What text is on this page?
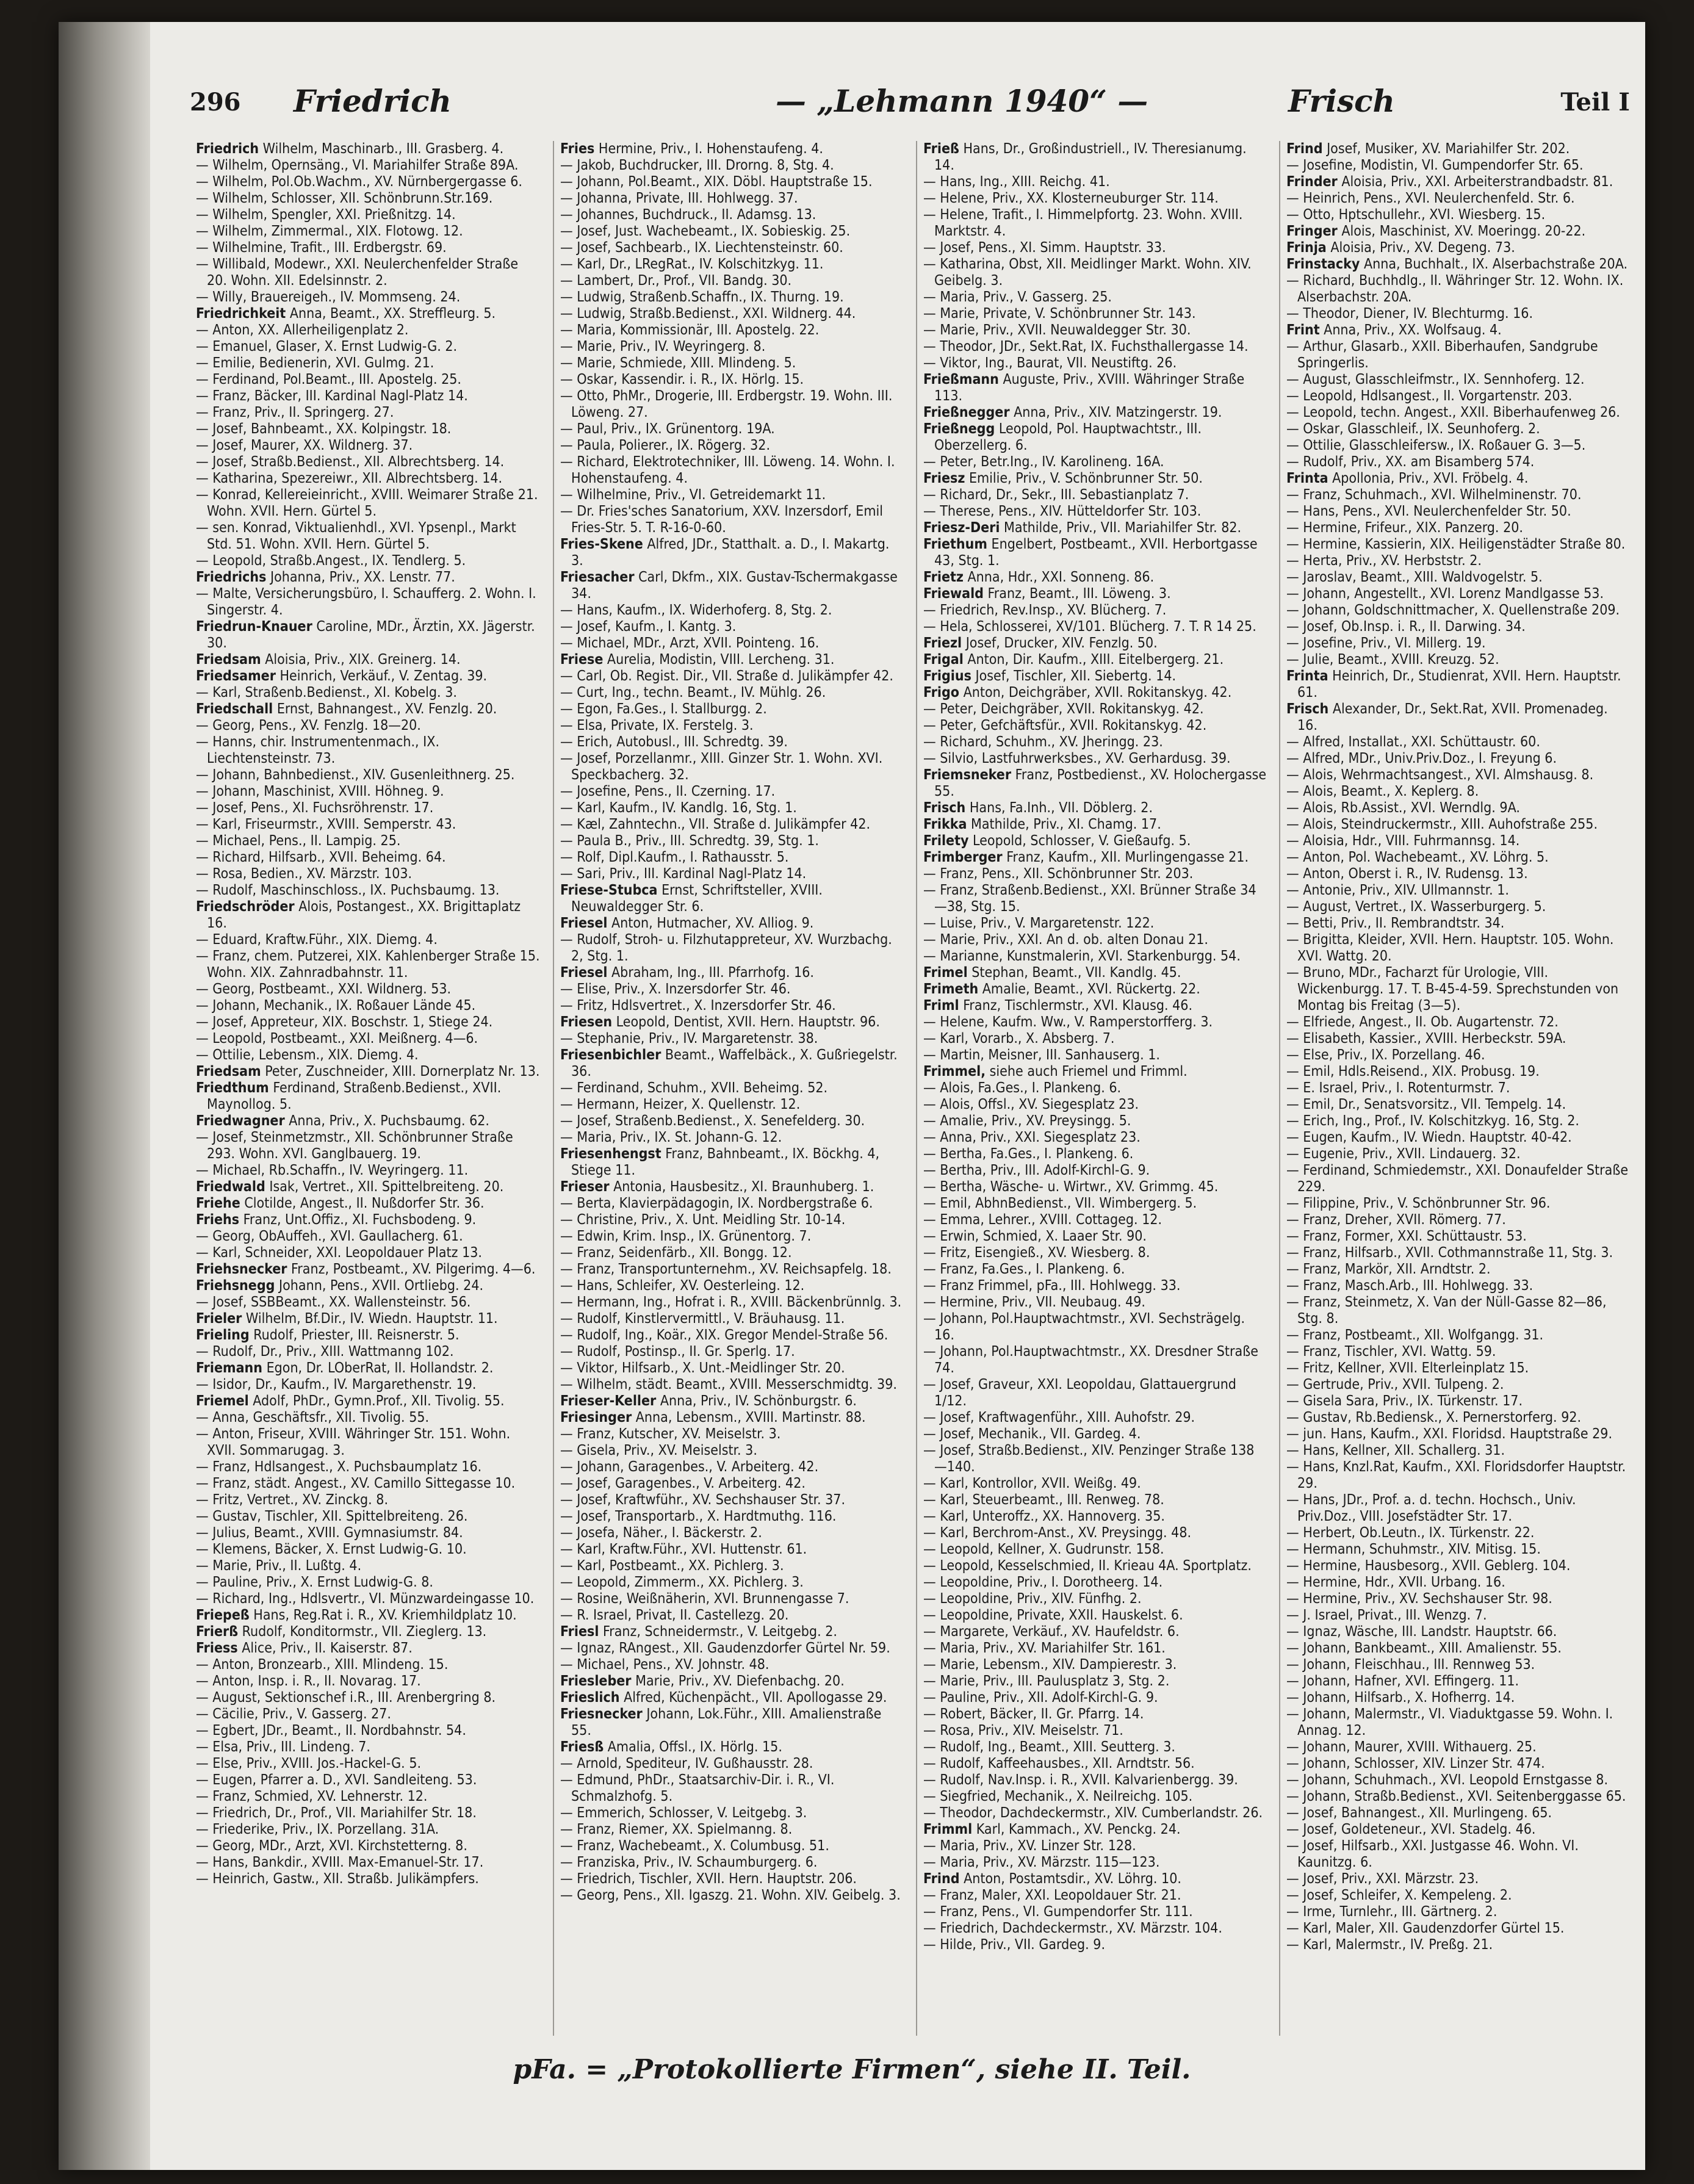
296 Friedrich	— „Lehmann 1940“ —	Frisch	Teil I

Friedrich Wilhelm, Maschinarb., III. Grasberg. 4.

— Wilhelm, Opernsäng., VI. Mariahilfer Straße 89A.

— Wilhelm, Pol.Ob.Wachm., XV. Nürnbergergasse 6.

— Wilhelm, Schlosser, XII. Schönbrunn.Str.169.

— Wilhelm, Spengler, XXI. Prießnitzg. 14.

— Wilhelm, Zimmermal., XIX. Flotowg. 12.

— Wilhelmine, Trafit., III. Erdbergstr. 69.

— Willibald, Modewr., XXI. Neulerchenfelder Straße 20. Wohn. XII. Edelsinnstr. 2.

— Willy, Brauereigeh., IV. Mommseng. 24.

Friedrichkeit Anna, Beamt., XX. Streffleurg. 5.

— Anton, XX. Allerheiligenplatz 2.

— Emanuel, Glaser, X. Ernst Ludwig-G. 2.

— Emilie, Bedienerin, XVI. Gulmg. 21.

— Ferdinand, Pol.Beamt., III. Apostelg. 25.

— Franz, Bäcker, III. Kardinal Nagl-Platz 14.

— Franz, Priv., II. Springerg. 27.

— Josef, Bahnbeamt., XX. Kolpingstr. 18.

— Josef, Maurer, XX. Wildnerg. 37.

— Josef, Straßb.Bedienst., XII. Albrechtsberg. 14.

— Katharina, Spezereiwr., XII. Albrechtsberg. 14.

— Konrad, Kellereieinricht., XVIII. Weimarer Straße 21. Wohn. XVII. Hern. Gürtel 5.

— sen. Konrad, Viktualienhdl., XVI. Ypsenpl., Markt Std. 51. Wohn. XVII. Hern. Gürtel 5.

— Leopold, Straßb.Angest., IX. Tendlerg. 5.

Friedrichs Johanna, Priv., XX. Lenstr. 77.

— Malte, Versicherungsbüro, I. Schaufferg. 2. Wohn. I. Singerstr. 4.

Friedrun-Knauer Caroline, MDr., Ärztin, XX. Jägerstr. 30.

Friedsam Aloisia, Priv., XIX. Greinerg. 14.

Friedsamer Heinrich, Verkäuf., V. Zentag. 39.

— Karl, Straßenb.Bedienst., XI. Kobelg. 3.

Friedschall Ernst, Bahnangest., XV. Fenzlg. 20.

— Georg, Pens., XV. Fenzlg. 18—20.

— Hanns, chir. Instrumentenmach., IX. Liechtensteinstr. 73.

— Johann, Bahnbedienst., XIV. Gusenleithnerg. 25.

— Johann, Maschinist, XVIII. Höhneg. 9.

— Josef, Pens., XI. Fuchsröhrenstr. 17.

— Karl, Friseurmstr., XVIII. Semperstr. 43.

— Michael, Pens., II. Lampig. 25.

— Richard, Hilfsarb., XVII. Beheimg. 64.

— Rosa, Bedien., XV. Märzstr. 103.

— Rudolf, Maschinschloss., IX. Puchsbaumg. 13.

Friedschröder Alois, Postangest., XX. Brigittaplatz 16.

— Eduard, Kraftw.Führ., XIX. Diemg. 4.

— Franz, chem. Putzerei, XIX. Kahlenberger Straße 15. Wohn. XIX. Zahnradbahnstr. 11.

— Georg, Postbeamt., XXI. Wildnerg. 53.

— Johann, Mechanik., IX. Roßauer Lände 45.

— Josef, Appreteur, XIX. Boschstr. 1, Stiege 24.

— Leopold, Postbeamt., XXI. Meißnerg. 4—6.

— Ottilie, Lebensm., XIX. Diemg. 4.

Friedsam Peter, Zuschneider, XIII. Dornerplatz Nr. 13.

Friedthum Ferdinand, Straßenb.Bedienst., XVII. Maynollog. 5.

Friedwagner Anna, Priv., X. Puchsbaumg. 62.

— Josef, Steinmetzmstr., XII. Schönbrunner Straße 293. Wohn. XVI. Ganglbauerg. 19.

— Michael, Rb.Schaffn., IV. Weyringerg. 11.

Friedwald Isak, Vertret., XII. Spittelbreiteng. 20.

Friehe Clotilde, Angest., II. Nußdorfer Str. 36.

Friehs Franz, Unt.Offiz., XI. Fuchsbodeng. 9.

— Georg, ObAuffeh., XVI. Gaullacherg. 61.

— Karl, Schneider, XXI. Leopoldauer Platz 13.

Friehsnecker Franz, Postbeamt., XV. Pilgerimg. 4—6.

Friehsnegg Johann, Pens., XVII. Ortliebg. 24.

— Josef, SSBBeamt., XX. Wallensteinstr. 56.

Frieler Wilhelm, Bf.Dir., IV. Wiedn. Hauptstr. 11.

Frieling Rudolf, Priester, III. Reisnerstr. 5.

— Rudolf, Dr., Priv., XIII. Wattmanng 102.

Friemann Egon, Dr. LOberRat, II. Hollandstr. 2.

— Isidor, Dr., Kaufm., IV. Margarethenstr. 19.

Friemel Adolf, PhDr., Gymn.Prof., XII. Tivolig. 55.

— Anna, Geschäftsfr., XII. Tivolig. 55.

— Anton, Friseur, XVIII. Währinger Str. 151. Wohn. XVII. Sommarugag. 3.

— Franz, Hdlsangest., X. Puchsbaumplatz 16.

— Franz, städt. Angest., XV. Camillo Sittegasse 10.

— Fritz, Vertret., XV. Zinckg. 8.

— Gustav, Tischler, XII. Spittelbreiteng. 26.

— Julius, Beamt., XVIII. Gymnasiumstr. 84.

— Klemens, Bäcker, X. Ernst Ludwig-G. 10.

— Marie, Priv., II. Lußtg. 4.

— Pauline, Priv., X. Ernst Ludwig-G. 8.

— Richard, Ing., Hdlsvertr., VI. Münzwardeingasse 10.

Friepeß Hans, Reg.Rat i. R., XV. Kriemhildplatz 10.

Frierß Rudolf, Konditormstr., VII. Zieglerg. 13.

Friess Alice, Priv., II. Kaiserstr. 87.

— Anton, Bronzearb., XIII. Mlindeng. 15.

— Anton, Insp. i. R., II. Novarag. 17.

— August, Sektionschef i.R., III. Arenbergring 8.

— Cäcilie, Priv., V. Gasserg. 27.

— Egbert, JDr., Beamt., II. Nordbahnstr. 54.

— Elsa, Priv., III. Lindeng. 7.

— Else, Priv., XVIII. Jos.-Hackel-G. 5.

— Eugen, Pfarrer a. D., XVI. Sandleiteng. 53.

— Franz, Schmied, XV. Lehnerstr. 12.

— Friedrich, Dr., Prof., VII. Mariahilfer Str. 18.

— Friederike, Priv., IX. Porzellang. 31A.

— Georg, MDr., Arzt, XVI. Kirchstetterng. 8.

— Hans, Bankdir., XVIII. Max-Emanuel-Str. 17.

— Heinrich, Gastw., XII. Straßb. Julikämpfers.

Fries Hermine, Priv., I. Hohenstaufeng. 4.

— Jakob, Buchdrucker, III. Drorng. 8, Stg. 4.

— Johann, Pol.Beamt., XIX. Döbl. Hauptstraße 15.

— Johanna, Private, III. Hohlwegg. 37.

— Johannes, Buchdruck., II. Adamsg. 13.

— Josef, Just. Wachebeamt., IX. Sobieskig. 25.

— Josef, Sachbearb., IX. Liechtensteinstr. 60.

— Karl, Dr., LRegRat., IV. Kolschitzkyg. 11.

— Lambert, Dr., Prof., VII. Bandg. 30.

— Ludwig, Straßenb.Schaffn., IX. Thurng. 19.

— Ludwig, Straßb.Bedienst., XXI. Wildnerg. 44.

— Maria, Kommissionär, III. Apostelg. 22.

— Marie, Priv., IV. Weyringerg. 8.

— Marie, Schmiede, XIII. Mlindeng. 5.

— Oskar, Kassendir. i. R., IX. Hörlg. 15.

— Otto, PhMr., Drogerie, III. Erdbergstr. 19. Wohn. III. Löweng. 27.

— Paul, Priv., IX. Grünentorg. 19A.

— Paula, Polierer., IX. Rögerg. 32.

— Richard, Elektrotechniker, III. Löweng. 14. Wohn. I. Hohenstaufeng. 4.

— Wilhelmine, Priv., VI. Getreidemarkt 11.

— Dr. Fries'sches Sanatorium, XXV. Inzersdorf, Emil Fries-Str. 5. T. R-16-0-60.

Fries-Skene Alfred, JDr., Statthalt. a. D., I. Makartg. 3.

Friesacher Carl, Dkfm., XIX. Gustav-Tschermakgasse 34.

— Hans, Kaufm., IX. Widerhoferg. 8, Stg. 2.

— Josef, Kaufm., I. Kantg. 3.

— Michael, MDr., Arzt, XVII. Pointeng. 16.

Friese Aurelia, Modistin, VIII. Lercheng. 31.

— Carl, Ob. Regist. Dir., VII. Straße d. Julikämpfer 42.

— Curt, Ing., techn. Beamt., IV. Mühlg. 26.

— Egon, Fa.Ges., I. Stallburgg. 2.

— Elsa, Private, IX. Ferstelg. 3.

— Erich, Autobusl., III. Schredtg. 39.

— Josef, Porzellanmr., XIII. Ginzer Str. 1. Wohn. XVI. Speckbacherg. 32.

— Josefine, Pens., II. Czerning. 17.

— Karl, Kaufm., IV. Kandlg. 16, Stg. 1.

— Kæl, Zahntechn., VII. Straße d. Julikämpfer 42.

— Paula B., Priv., III. Schredtg. 39, Stg. 1.

— Rolf, Dipl.Kaufm., I. Rathausstr. 5.

— Sari, Priv., III. Kardinal Nagl-Platz 14.

Friese-Stubca Ernst, Schriftsteller, XVIII. Neuwaldegger Str. 6.

Friesel Anton, Hutmacher, XV. Alliog. 9.

— Rudolf, Stroh- u. Filzhutappreteur, XV. Wurzbachg. 2, Stg. 1.

Friesel Abraham, Ing., III. Pfarrhofg. 16.

— Elise, Priv., X. Inzersdorfer Str. 46.

— Fritz, Hdlsvertret., X. Inzersdorfer Str. 46.

Friesen Leopold, Dentist, XVII. Hern. Hauptstr. 96.

— Stephanie, Priv., IV. Margaretenstr. 38.

Friesenbichler Beamt., Waffelbäck., X. Gußriegelstr. 36.

— Ferdinand, Schuhm., XVII. Beheimg. 52.

— Hermann, Heizer, X. Quellenstr. 12.

— Josef, Straßenb.Bedienst., X. Senefelderg. 30.

— Maria, Priv., IX. St. Johann-G. 12.

Friesenhengst Franz, Bahnbeamt., IX. Böckhg. 4, Stiege 11.

Frieser Antonia, Hausbesitz., XI. Braunhuberg. 1.

— Berta, Klavierpädagogin, IX. Nordbergstraße 6.

— Christine, Priv., X. Unt. Meidling Str. 10-14.

— Edwin, Krim. Insp., IX. Grünentorg. 7.

— Franz, Seidenfärb., XII. Bongg. 12.

— Franz, Transportunternehm., XV. Reichsapfelg. 18.

— Hans, Schleifer, XV. Oesterleing. 12.

— Hermann, Ing., Hofrat i. R., XVIII. Bäckenbrünnlg. 3.

— Rudolf, Kinstlervermittl., V. Bräuhausg. 11.

— Rudolf, Ing., Koär., XIX. Gregor Mendel-Straße 56.

— Rudolf, Postinsp., II. Gr. Sperlg. 17.

— Viktor, Hilfsarb., X. Unt.-Meidlinger Str. 20.

— Wilhelm, städt. Beamt., XVIII. Messerschmidtg. 39.

Frieser-Keller Anna, Priv., IV. Schönburgstr. 6.

Friesinger Anna, Lebensm., XVIII. Martinstr. 88.

— Franz, Kutscher, XV. Meiselstr. 3.

— Gisela, Priv., XV. Meiselstr. 3.

— Johann, Garagenbes., V. Arbeiterg. 42.

— Josef, Garagenbes., V. Arbeiterg. 42.

— Josef, Kraftwführ., XV. Sechshauser Str. 37.

— Josef, Transportarb., X. Hardtmuthg. 116.

— Josefa, Näher., I. Bäckerstr. 2.

— Karl, Kraftw.Führ., XVI. Huttenstr. 61.

— Karl, Postbeamt., XX. Pichlerg. 3.

— Leopold, Zimmerm., XX. Pichlerg. 3.

— Rosine, Weißnäherin, XVI. Brunnengasse 7.

— R. Israel, Privat, II. Castellezg. 20.

Friesl Franz, Schneidermstr., V. Leitgebg. 2.

— Ignaz, RAngest., XII. Gaudenzdorfer Gürtel Nr. 59.

— Michael, Pens., XV. Johnstr. 48.

Friesleber Marie, Priv., XV. Diefenbachg. 20.

Frieslich Alfred, Küchenpächt., VII. Apollogasse 29.

Friesnecker Johann, Lok.Führ., XIII. Amalienstraße 55.

Friesß Amalia, Offsl., IX. Hörlg. 15.

— Arnold, Spediteur, IV. Gußhausstr. 28.

— Edmund, PhDr., Staatsarchiv-Dir. i. R., VI. Schmalzhofg. 5.

— Emmerich, Schlosser, V. Leitgebg. 3.

— Franz, Riemer, XX. Spielmanng. 8.

— Franz, Wachebeamt., X. Columbusg. 51.

— Franziska, Priv., IV. Schaumburgerg. 6.

— Friedrich, Tischler, XVII. Hern. Hauptstr. 206.

— Georg, Pens., XII. Igaszg. 21. Wohn. XIV. Geibelg. 3.

Frieß Hans, Dr., Großindustriell., IV. Theresianumg. 14.

— Hans, Ing., XIII. Reichg. 41.

— Helene, Priv., XX. Klosterneuburger Str. 114.

— Helene, Trafit., I. Himmelpfortg. 23. Wohn. XVIII. Marktstr. 4.

— Josef, Pens., XI. Simm. Hauptstr. 33.

— Katharina, Obst, XII. Meidlinger Markt. Wohn. XIV. Geibelg. 3.

— Maria, Priv., V. Gasserg. 25.

— Marie, Private, V. Schönbrunner Str. 143.

— Marie, Priv., XVII. Neuwaldegger Str. 30.

— Theodor, JDr., Sekt.Rat, IX. Fuchsthallergasse 14.

— Viktor, Ing., Baurat, VII. Neustiftg. 26.

Frießmann Auguste, Priv., XVIII. Währinger Straße 113.

Frießnegger Anna, Priv., XIV. Matzingerstr. 19.

Frießnegg Leopold, Pol. Hauptwachtstr., III. Oberzellerg. 6.

— Peter, Betr.Ing., IV. Karolineng. 16A.

Friesz Emilie, Priv., V. Schönbrunner Str. 50.

— Richard, Dr., Sekr., III. Sebastianplatz 7.

— Therese, Pens., XIV. Hütteldorfer Str. 103.

Friesz-Deri Mathilde, Priv., VII. Mariahilfer Str. 82.

Friethum Engelbert, Postbeamt., XVII. Herbortgasse 43, Stg. 1.

Frietz Anna, Hdr., XXI. Sonneng. 86.

Friewald Franz, Beamt., III. Löweng. 3.

— Friedrich, Rev.Insp., XV. Blücherg. 7.

— Hela, Schlosserei, XV/101. Blücherg. 7. T. R 14 25.

Friezl Josef, Drucker, XIV. Fenzlg. 50.

Frigal Anton, Dir. Kaufm., XIII. Eitelbergerg. 21.

Frigius Josef, Tischler, XII. Siebertg. 14.

Frigo Anton, Deichgräber, XVII. Rokitanskyg. 42.

— Peter, Deichgräber, XVII. Rokitanskyg. 42.

— Peter, Gefchäftsfür., XVII. Rokitanskyg. 42.

— Richard, Schuhm., XV. Jheringg. 23.

— Silvio, Lastfuhrwerksbes., XV. Gerhardusg. 39.

Friemsneker Franz, Postbedienst., XV. Holochergasse 55.

Frisch Hans, Fa.Inh., VII. Döblerg. 2.

Frikka Mathilde, Priv., XI. Chamg. 17.

Frilety Leopold, Schlosser, V. Gießaufg. 5.

Frimberger Franz, Kaufm., XII. Murlingengasse 21.

— Franz, Pens., XII. Schönbrunner Str. 203.

— Franz, Straßenb.Bedienst., XXI. Brünner Straße 34—38, Stg. 15.

— Luise, Priv., V. Margaretenstr. 122.

— Marie, Priv., XXI. An d. ob. alten Donau 21.

— Marianne, Kunstmalerin, XVI. Starkenburgg. 54.

Frimel Stephan, Beamt., VII. Kandlg. 45.

Frimeth Amalie, Beamt., XVI. Rückertg. 22.

Friml Franz, Tischlermstr., XVI. Klausg. 46.

— Helene, Kaufm. Ww., V. Ramperstorfferg. 3.

— Karl, Vorarb., X. Absberg. 7.

— Martin, Meisner, III. Sanhauserg. 1.

Frimmel, siehe auch Friemel und Frimml.

— Alois, Fa.Ges., I. Plankeng. 6.

— Alois, Offsl., XV. Siegesplatz 23.

— Amalie, Priv., XV. Preysingg. 5.

— Anna, Priv., XXI. Siegesplatz 23.

— Bertha, Fa.Ges., I. Plankeng. 6.

— Bertha, Priv., III. Adolf-Kirchl-G. 9.

— Bertha, Wäsche- u. Wirtwr., XV. Grimmg. 45.

— Emil, AbhnBedienst., VII. Wimbergerg. 5.

— Emma, Lehrer., XVIII. Cottageg. 12.

— Erwin, Schmied, X. Laaer Str. 90.

— Fritz, Eisengieß., XV. Wiesberg. 8.

— Franz, Fa.Ges., I. Plankeng. 6.

— Franz Frimmel, pFa., III. Hohlwegg. 33.

— Hermine, Priv., VII. Neubaug. 49.

— Johann, Pol.Hauptwachtmstr., XVI. Sechsträgelg. 16.

— Johann, Pol.Hauptwachtmstr., XX. Dresdner Straße 74.

— Josef, Graveur, XXI. Leopoldau, Glattauergrund 1/12.

— Josef, Kraftwagenführ., XIII. Auhofstr. 29.

— Josef, Mechanik., VII. Gardeg. 4.

— Josef, Straßb.Bedienst., XIV. Penzinger Straße 138—140.

— Karl, Kontrollor, XVII. Weißg. 49.

— Karl, Steuerbeamt., III. Renweg. 78.

— Karl, Unteroffz., XX. Hannoverg. 35.

— Karl, Berchrom-Anst., XV. Preysingg. 48.

— Leopold, Kellner, X. Gudrunstr. 158.

— Leopold, Kesselschmied, II. Krieau 4A. Sportplatz.

— Leopoldine, Priv., I. Dorotheerg. 14.

— Leopoldine, Priv., XIV. Fünfhg. 2.

— Leopoldine, Private, XXII. Hauskelst. 6.

— Margarete, Verkäuf., XV. Haufeldstr. 6.

— Maria, Priv., XV. Mariahilfer Str. 161.

— Marie, Lebensm., XIV. Dampierestr. 3.

— Marie, Priv., III. Paulusplatz 3, Stg. 2.

— Pauline, Priv., XII. Adolf-Kirchl-G. 9.

— Robert, Bäcker, II. Gr. Pfarrg. 14.

— Rosa, Priv., XIV. Meiselstr. 71.

— Rudolf, Ing., Beamt., XIII. Seutterg. 3.

— Rudolf, Kaffeehausbes., XII. Arndtstr. 56.

— Rudolf, Nav.Insp. i. R., XVII. Kalvarienbergg. 39.

— Siegfried, Mechanik., X. Neilreichg. 105.

— Theodor, Dachdeckermstr., XIV. Cumberlandstr. 26.

Frimml Karl, Kammach., XV. Penckg. 24.

— Maria, Priv., XV. Linzer Str. 128.

— Maria, Priv., XV. Märzstr. 115—123.

Frind Anton, Postamtsdir., XV. Löhrg. 10.

— Franz, Maler, XXI. Leopoldauer Str. 21.

— Franz, Pens., VI. Gumpendorfer Str. 111.

— Friedrich, Dachdeckermstr., XV. Märzstr. 104.

— Hilde, Priv., VII. Gardeg. 9.

Frind Josef, Musiker, XV. Mariahilfer Str. 202.

— Josefine, Modistin, VI. Gumpendorfer Str. 65.

Frinder Aloisia, Priv., XXI. Arbeiterstrandbadstr. 81.

— Heinrich, Pens., XVI. Neulerchenfeld. Str. 6.

— Otto, Hptschullehr., XVI. Wiesberg. 15.

Fringer Alois, Maschinist, XV. Moeringg. 20-22.

Frinja Aloisia, Priv., XV. Degeng. 73.

Frinstacky Anna, Buchhalt., IX. Alserbachstraße 20A.

— Richard, Buchhdlg., II. Währinger Str. 12. Wohn. IX. Alserbachstr. 20A.

— Theodor, Diener, IV. Blechturmg. 16.

Frint Anna, Priv., XX. Wolfsaug. 4.

— Arthur, Glasarb., XXII. Biberhaufen, Sandgrube Springerlis.

— August, Glasschleifmstr., IX. Sennhoferg. 12.

— Leopold, Hdlsangest., II. Vorgartenstr. 203.

— Leopold, techn. Angest., XXII. Biberhaufenweg 26.

— Oskar, Glasschleif., IX. Seunhoferg. 2.

— Ottilie, Glasschleifersw., IX. Roßauer G. 3—5.

— Rudolf, Priv., XX. am Bisamberg 574.

Frinta Apollonia, Priv., XVI. Fröbelg. 4.

— Franz, Schuhmach., XVI. Wilhelminenstr. 70.

— Hans, Pens., XVI. Neulerchenfelder Str. 50.

— Hermine, Frifeur., XIX. Panzerg. 20.

— Hermine, Kassierin, XIX. Heiligenstädter Straße 80.

— Herta, Priv., XV. Herbststr. 2.

— Jaroslav, Beamt., XIII. Waldvogelstr. 5.

— Johann, Angestellt., XVI. Lorenz Mandlgasse 53.

— Johann, Goldschnittmacher, X. Quellenstraße 209.

— Josef, Ob.Insp. i. R., II. Darwing. 34.

— Josefine, Priv., VI. Millerg. 19.

— Julie, Beamt., XVIII. Kreuzg. 52.

Frinta Heinrich, Dr., Studienrat, XVII. Hern. Hauptstr. 61.

Frisch Alexander, Dr., Sekt.Rat, XVII. Promenadeg. 16.

— Alfred, Installat., XXI. Schüttaustr. 60.

— Alfred, MDr., Univ.Priv.Doz., I. Freyung 6.

— Alois, Wehrmachtsangest., XVI. Almshausg. 8.

— Alois, Beamt., X. Keplerg. 8.

— Alois, Rb.Assist., XVI. Werndlg. 9A.

— Alois, Steindruckermstr., XIII. Auhofstraße 255.

— Aloisia, Hdr., VIII. Fuhrmannsg. 14.

— Anton, Pol. Wachebeamt., XV. Löhrg. 5.

— Anton, Oberst i. R., IV. Rudensg. 13.

— Antonie, Priv., XIV. Ullmannstr. 1.

— August, Vertret., IX. Wasserburgerg. 5.

— Betti, Priv., II. Rembrandtstr. 34.

— Brigitta, Kleider, XVII. Hern. Hauptstr. 105. Wohn. XVI. Wattg. 20.

— Bruno, MDr., Facharzt für Urologie, VIII. Wickenburgg. 17. T. B-45-4-59. Sprechstunden von Montag bis Freitag (3—5).

— Elfriede, Angest., II. Ob. Augartenstr. 72.

— Elisabeth, Kassier., XVIII. Herbeckstr. 59A.

— Else, Priv., IX. Porzellang. 46.

— Emil, Hdls.Reisend., XIX. Probusg. 19.

— E. Israel, Priv., I. Rotenturmstr. 7.

— Emil, Dr., Senatsvorsitz., VII. Tempelg. 14.

— Erich, Ing., Prof., IV. Kolschitzkyg. 16, Stg. 2.

— Eugen, Kaufm., IV. Wiedn. Hauptstr. 40-42.

— Eugenie, Priv., XVII. Lindauerg. 32.

— Ferdinand, Schmiedemstr., XXI. Donaufelder Straße 229.

— Filippine, Priv., V. Schönbrunner Str. 96.

— Franz, Dreher, XVII. Römerg. 77.

— Franz, Former, XXI. Schüttaustr. 53.

— Franz, Hilfsarb., XVII. Cothmannstraße 11, Stg. 3.

— Franz, Markör, XII. Arndtstr. 2.

— Franz, Masch.Arb., III. Hohlwegg. 33.

— Franz, Steinmetz, X. Van der Nüll-Gasse 82—86, Stg. 8.

— Franz, Postbeamt., XII. Wolfgangg. 31.

— Franz, Tischler, XVI. Wattg. 59.

— Fritz, Kellner, XVII. Elterleinplatz 15.

— Gertrude, Priv., XVII. Tulpeng. 2.

— Gisela Sara, Priv., IX. Türkenstr. 17.

— Gustav, Rb.Bediensk., X. Pernerstorferg. 92.

— jun. Hans, Kaufm., XXI. Floridsd. Hauptstraße 29.

— Hans, Kellner, XII. Schallerg. 31.

— Hans, Knzl.Rat, Kaufm., XXI. Floridsdorfer Hauptstr. 29.

— Hans, JDr., Prof. a. d. techn. Hochsch., Univ. Priv.Doz., VIII. Josefstädter Str. 17.

— Herbert, Ob.Leutn., IX. Türkenstr. 22.

— Hermann, Schuhmstr., XIV. Mitisg. 15.

— Hermine, Hausbesorg., XVII. Geblerg. 104.

— Hermine, Hdr., XVII. Urbang. 16.

— Hermine, Priv., XV. Sechshauser Str. 98.

— J. Israel, Privat., III. Wenzg. 7.

— Ignaz, Wäsche, III. Landstr. Hauptstr. 66.

— Johann, Bankbeamt., XIII. Amalienstr. 55.

— Johann, Fleischhau., III. Rennweg 53.

— Johann, Hafner, XVI. Effingerg. 11.

— Johann, Hilfsarb., X. Hofherrg. 14.

— Johann, Malermstr., VI. Viaduktgasse 59. Wohn. I. Annag. 12.

— Johann, Maurer, XVIII. Withauerg. 25.

— Johann, Schlosser, XIV. Linzer Str. 474.

— Johann, Schuhmach., XVI. Leopold Ernstgasse 8.

— Johann, Straßb.Bedienst., XVI. Seitenberggasse 65.

— Josef, Bahnangest., XII. Murlingeng. 65.

— Josef, Goldeteneur., XVI. Stadelg. 46.

— Josef, Hilfsarb., XXI. Justgasse 46. Wohn. VI. Kaunitzg. 6.

— Josef, Priv., XXI. Märzstr. 23.

— Josef, Schleifer, X. Kempeleng. 2.

— Irme, Turnlehr., III. Gärtnerg. 2.

— Karl, Maler, XII. Gaudenzdorfer Gürtel 15.

— Karl, Malermstr., IV. Preßg. 21.

pFa. = „Protokollierte Firmen“, siehe II. Teil.
